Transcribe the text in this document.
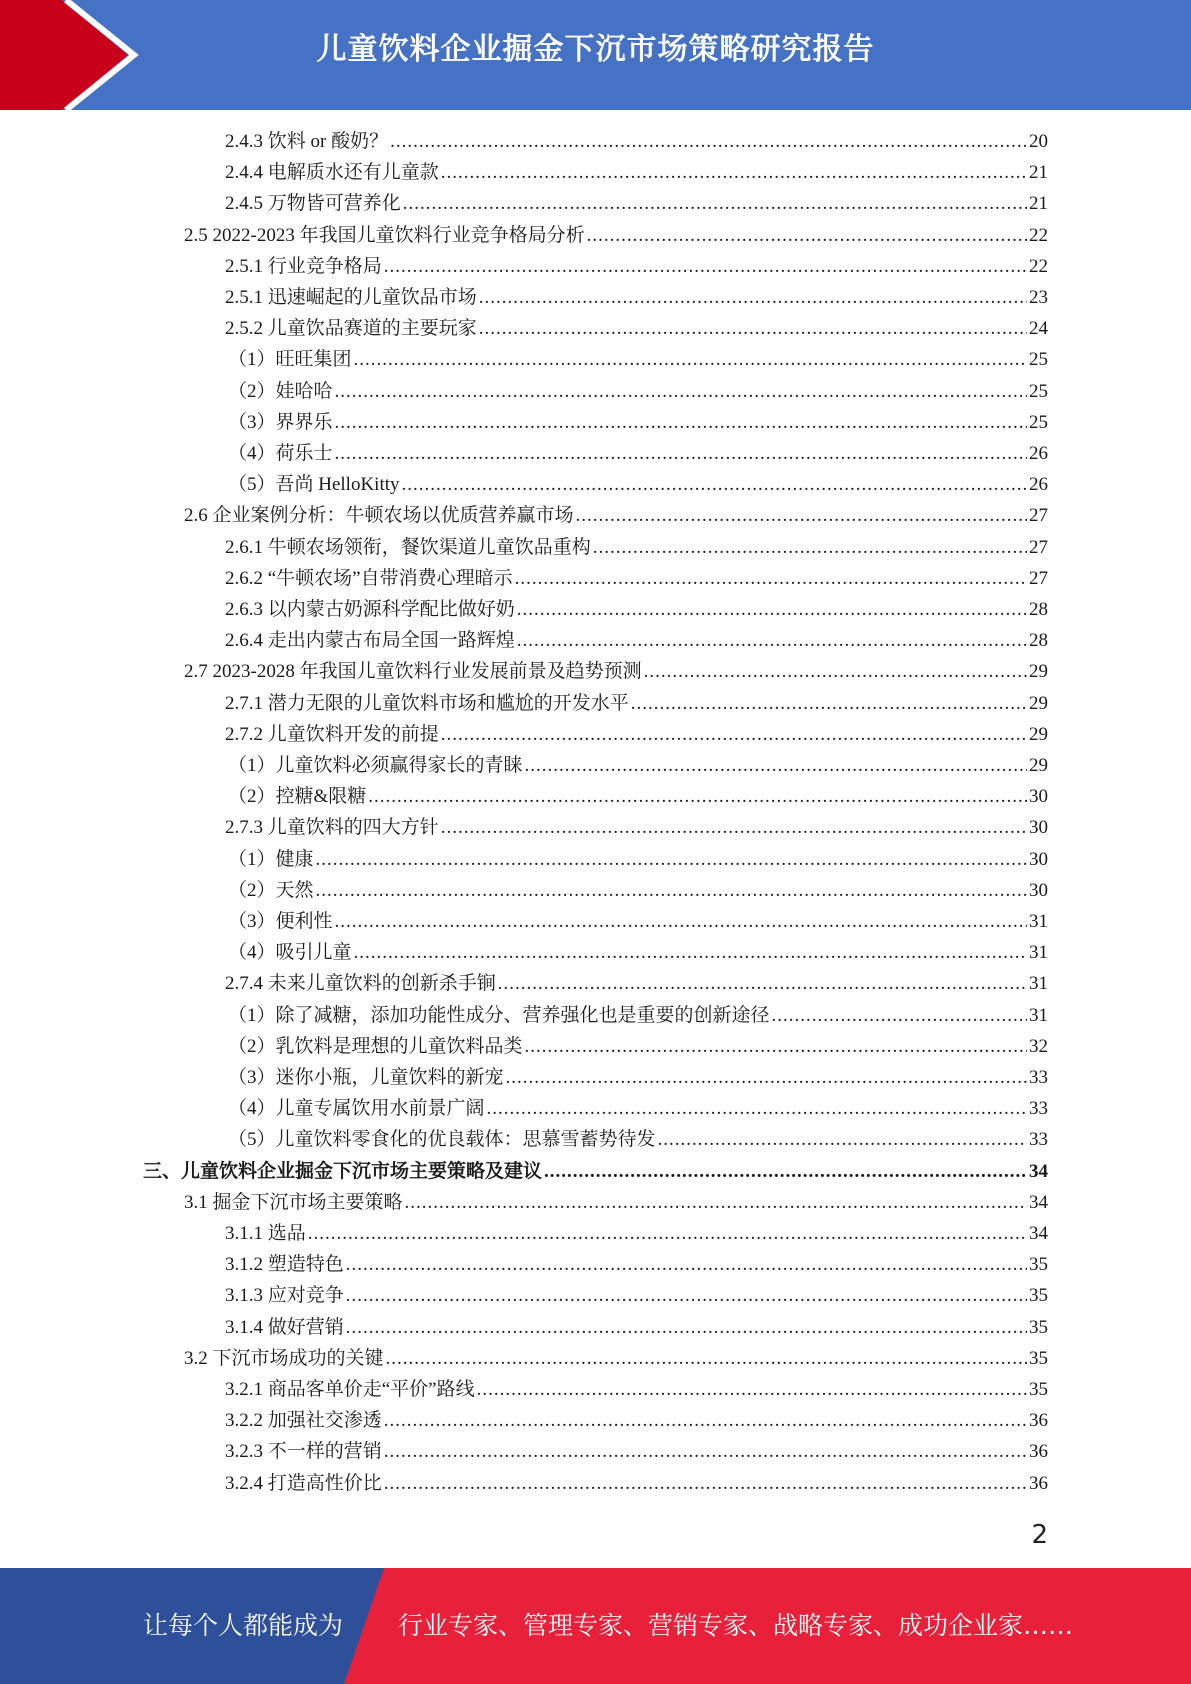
儿童饮料企业掘金下沉市场策略研究报告
2.4.3 饮料 or 酸奶？ .....	20
2.4.4 电解质水还有儿童款 .....	21
2.4.5 万物皆可营养化 .....	21
2.5 2022-2023 年我国儿童饮料行业竞争格局分析 .....	22
2.5.1 行业竞争格局 .....	22
2.5.1 迅速崛起的儿童饮品市场 .....	23
2.5.2 儿童饮品赛道的主要玩家 .....	24
（1）旺旺集团 .....	25
（2）娃哈哈 .....	25
（3）界界乐 .....	25
（4）荷乐士 .....	26
（5）吾尚 HelloKitty .....	26
2.6 企业案例分析：牛顿农场以优质营养赢市场 .....	27
2.6.1 牛顿农场领衔，餐饮渠道儿童饮品重构 .....	27
2.6.2 “牛顿农场”自带消费心理暗示 .....	27
2.6.3 以内蒙古奶源科学配比做好奶 .....	28
2.6.4 走出内蒙古布局全国一路辉煌 .....	28
2.7 2023-2028 年我国儿童饮料行业发展前景及趋势预测 .....	29
2.7.1 潜力无限的儿童饮料市场和尴尬的开发水平 .....	29
2.7.2 儿童饮料开发的前提 .....	29
（1）儿童饮料必须赢得家长的青睐 .....	29
（2）控糖&限糖 .....	30
2.7.3 儿童饮料的四大方针 .....	30
（1）健康 .....	30
（2）天然 .....	30
（3）便利性 .....	31
（4）吸引儿童 .....	31
2.7.4 未来儿童饮料的创新杀手锏 .....	31
（1）除了减糖，添加功能性成分、营养强化也是重要的创新途径 .....	31
（2）乳饮料是理想的儿童饮料品类 .....	32
（3）迷你小瓶，儿童饮料的新宠 .....	33
（4）儿童专属饮用水前景广阔 .....	33
（5）儿童饮料零食化的优良载体：思慕雪蓄势待发 .....	33
三、儿童饮料企业掘金下沉市场主要策略及建议 .....	34
3.1 掘金下沉市场主要策略 .....	34
3.1.1 选品 .....	34
3.1.2 塑造特色 .....	35
3.1.3 应对竞争 .....	35
3.1.4 做好营销 .....	35
3.2 下沉市场成功的关键 .....	35
3.2.1 商品客单价走“平价”路线 .....	35
3.2.2 加强社交渗透 .....	36
3.2.3 不一样的营销 .....	36
3.2.4 打造高性价比 .....	36
2
让每个人都能成为 行业专家、管理专家、营销专家、战略专家、成功企业家……
